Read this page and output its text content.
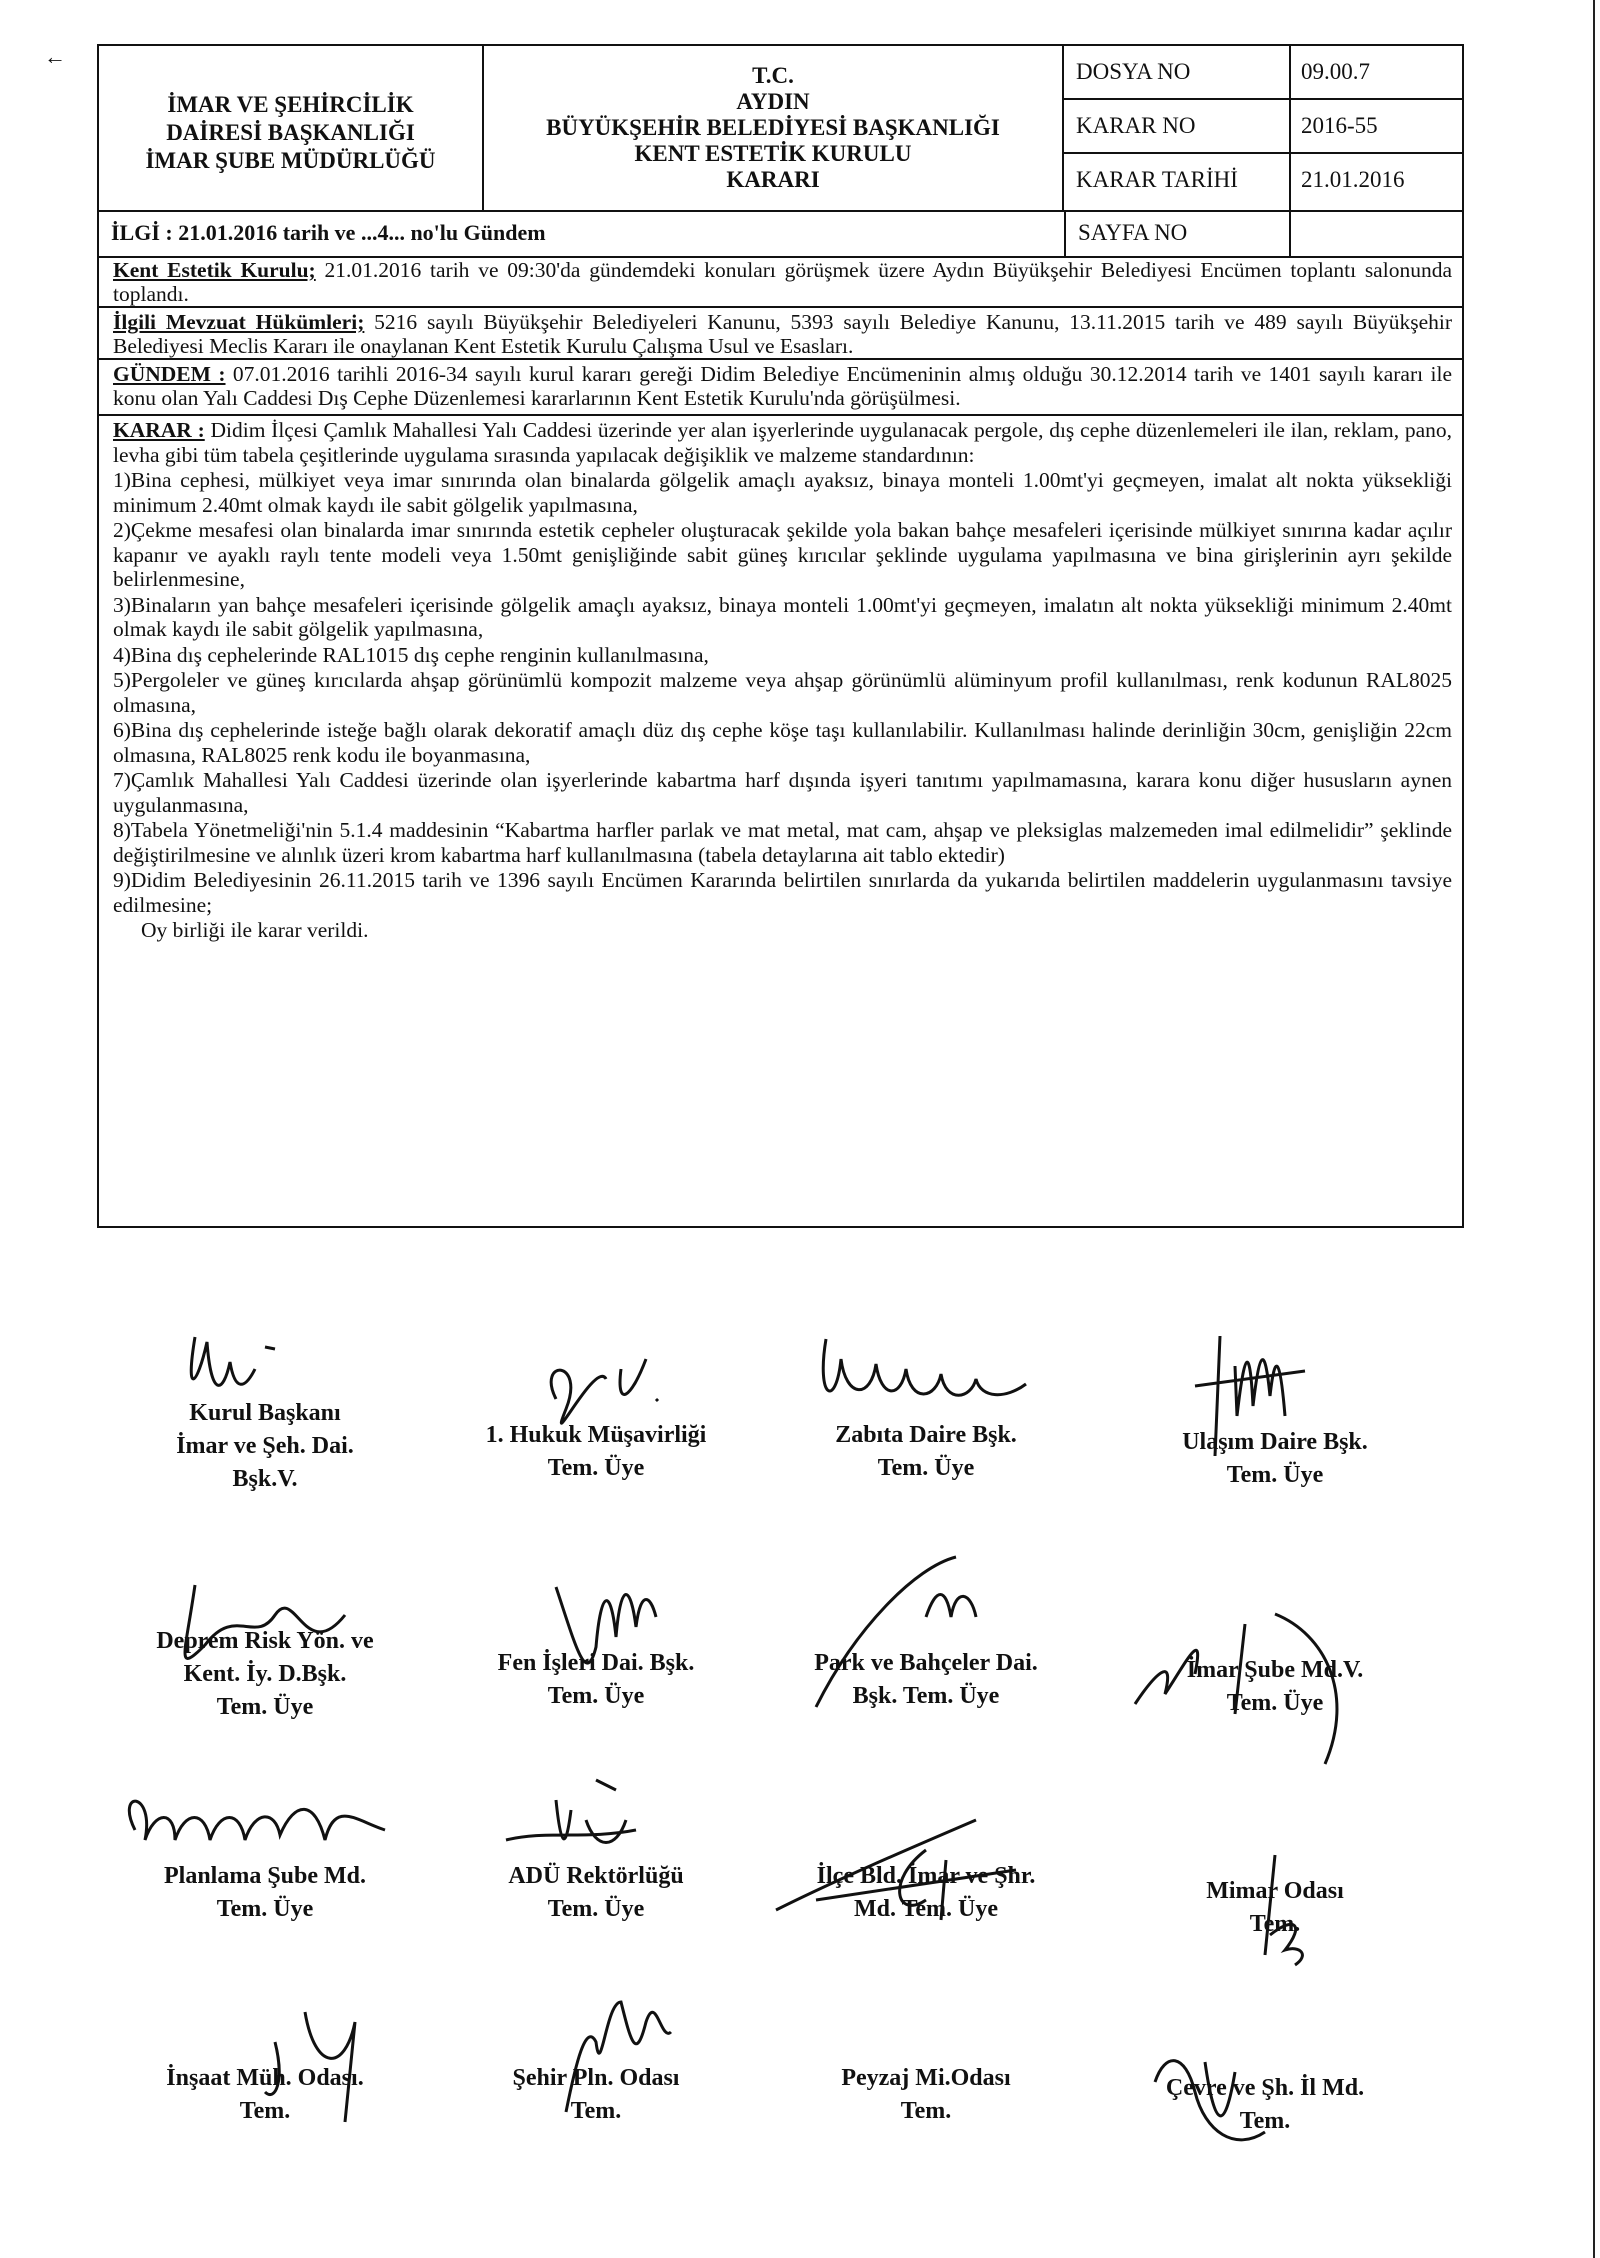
←
İMAR VE ŞEHİRCİLİK
DAİRESİ BAŞKANLIĞI
İMAR ŞUBE MÜDÜRLÜĞÜ
T.C.
AYDIN
BÜYÜKŞEHİR BELEDİYESİ BAŞKANLIĞI
KENT ESTETİK KURULU
KARARI
DOSYA NO	09.00.7
KARAR NO	2016-55
KARAR TARİHİ	21.01.2016
İLGİ : 21.01.2016 tarih ve ...4... no'lu Gündem	SAYFA NO
Kent Estetik Kurulu; 21.01.2016 tarih ve 09:30'da gündemdeki konuları görüşmek üzere Aydın Büyükşehir Belediyesi Encümen toplantı salonunda toplandı.
İlgili Mevzuat Hükümleri; 5216 sayılı Büyükşehir Belediyeleri Kanunu, 5393 sayılı Belediye Kanunu, 13.11.2015 tarih ve 489 sayılı Büyükşehir Belediyesi Meclis Kararı ile onaylanan Kent Estetik Kurulu Çalışma Usul ve Esasları.
GÜNDEM : 07.01.2016 tarihli 2016-34 sayılı kurul kararı gereği Didim Belediye Encümeninin almış olduğu 30.12.2014 tarih ve 1401 sayılı kararı ile konu olan Yalı Caddesi Dış Cephe Düzenlemesi kararlarının Kent Estetik Kurulu'nda görüşülmesi.

KARAR : Didim İlçesi Çamlık Mahallesi Yalı Caddesi üzerinde yer alan işyerlerinde uygulanacak pergole, dış cephe düzenlemeleri ile ilan, reklam, pano, levha gibi tüm tabela çeşitlerinde uygulama sırasında yapılacak değişiklik ve malzeme standardının:

1)Bina cephesi, mülkiyet veya imar sınırında olan binalarda gölgelik amaçlı ayaksız, binaya monteli 1.00mt'yi geçmeyen, imalat alt nokta yüksekliği minimum 2.40mt olmak kaydı ile sabit gölgelik yapılmasına,

2)Çekme mesafesi olan binalarda imar sınırında estetik cepheler oluşturacak şekilde yola bakan bahçe mesafeleri içerisinde mülkiyet sınırına kadar açılır kapanır ve ayaklı raylı tente modeli veya 1.50mt genişliğinde sabit güneş kırıcılar şeklinde uygulama yapılmasına ve bina girişlerinin ayrı şekilde belirlenmesine,

3)Binaların yan bahçe mesafeleri içerisinde gölgelik amaçlı ayaksız, binaya monteli 1.00mt'yi geçmeyen, imalatın alt nokta yüksekliği minimum 2.40mt olmak kaydı ile sabit gölgelik yapılmasına,

4)Bina dış cephelerinde RAL1015 dış cephe renginin kullanılmasına,

5)Pergoleler ve güneş kırıcılarda ahşap görünümlü kompozit malzeme veya ahşap görünümlü alüminyum profil kullanılması, renk kodunun RAL8025 olmasına,

6)Bina dış cephelerinde isteğe bağlı olarak dekoratif amaçlı düz dış cephe köşe taşı kullanılabilir. Kullanılması halinde derinliğin 30cm, genişliğin 22cm olmasına, RAL8025 renk kodu ile boyanmasına,

7)Çamlık Mahallesi Yalı Caddesi üzerinde olan işyerlerinde kabartma harf dışında işyeri tanıtımı yapılmamasına, karara konu diğer hususların aynen uygulanmasına,

8)Tabela Yönetmeliği'nin 5.1.4 maddesinin “Kabartma harfler parlak ve mat metal, mat cam, ahşap ve pleksiglas malzemeden imal edilmelidir” şeklinde değiştirilmesine ve alınlık üzeri krom kabartma harf kullanılmasına (tabela detaylarına ait tablo ektedir)

9)Didim Belediyesinin 26.11.2015 tarih ve 1396 sayılı Encümen Kararında belirtilen sınırlarda da yukarıda belirtilen maddelerin uygulanmasını tavsiye edilmesine;

Oy birliği ile karar verildi.

Kurul Başkanı
İmar ve Şeh. Dai.
Bşk.V.
1. Hukuk Müşavirliği
Tem. Üye
Zabıta Daire Bşk.
Tem. Üye
Ulaşım Daire Bşk.
Tem. Üye
Deprem Risk Yön. ve
Kent. İy. D.Bşk.
Tem. Üye
Fen İşleri Dai. Bşk.
Tem. Üye
Park ve Bahçeler Dai.
Bşk. Tem. Üye
İmar Şube Md.V.
Tem. Üye
Planlama Şube Md.
Tem. Üye
ADÜ Rektörlüğü
Tem. Üye
İlçe Bld. İmar ve Şhr.
Md. Tem. Üye
Mimar Odası
Tem.
İnşaat Müh. Odası.
Tem.
Şehir Pln. Odası
Tem.
Peyzaj Mi.Odası
Tem.
Çevre ve Şh. İl Md.
Tem.
